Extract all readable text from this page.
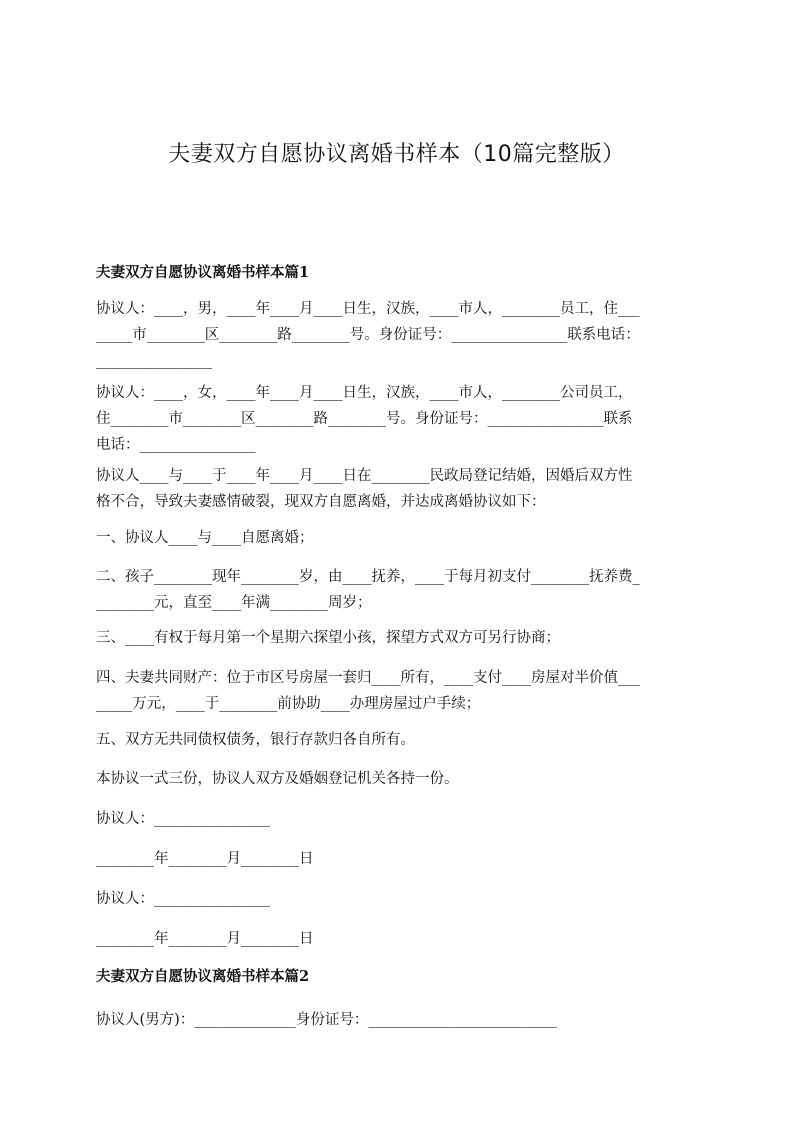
夫妻双方自愿协议离婚书样本（10篇完整版）
夫妻双方自愿协议离婚书样本篇1
协议人：____，男，____年____月____日生，汉族，____市人，________员工，住___
_____市________区________路________号。身份证号：________________联系电话：
________________
协议人：____，女，____年____月____日生，汉族，____市人，________公司员工，
住________市________区________路________号。身份证号：________________联系
电话：________________
协议人____与____于____年____月____日在________民政局登记结婚，因婚后双方性
格不合，导致夫妻感情破裂，现双方自愿离婚，并达成离婚协议如下：
一、协议人____与____自愿离婚；
二、孩子________现年________岁，由____抚养，____于每月初支付________抚养费_
________元，直至____年满________周岁；
三、____有权于每月第一个星期六探望小孩，探望方式双方可另行协商；
四、夫妻共同财产：位于市区号房屋一套归____所有，____支付____房屋对半价值___
_____万元，____于________前协助____办理房屋过户手续；
五、双方无共同债权债务，银行存款归各自所有。
本协议一式三份，协议人双方及婚姻登记机关各持一份。
协议人：________________
________年________月________日
协议人：________________
________年________月________日
夫妻双方自愿协议离婚书样本篇2
协议人(男方)：______________身份证号：__________________________
